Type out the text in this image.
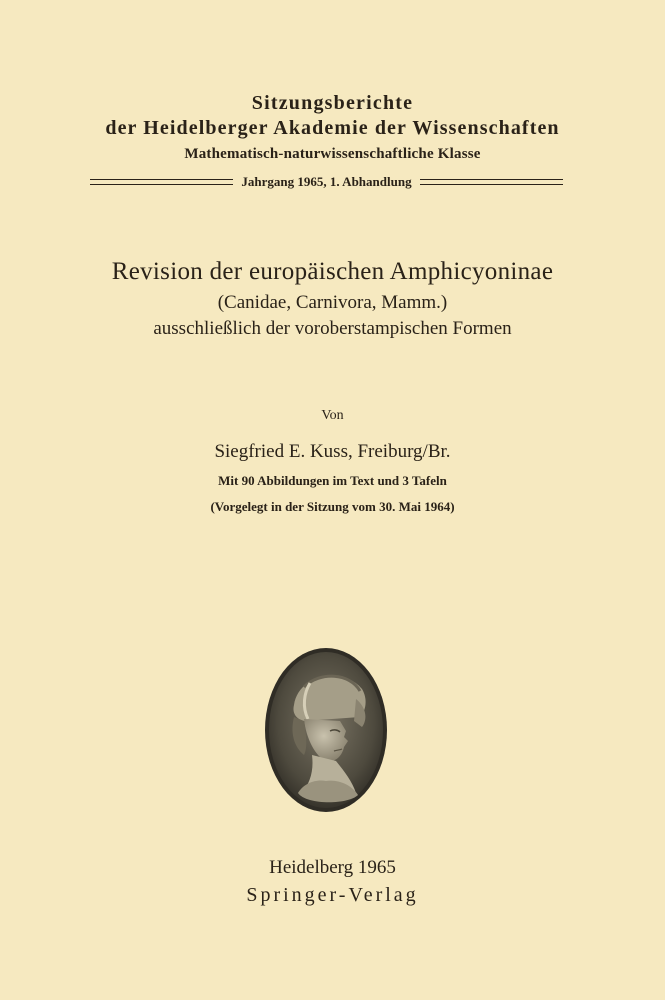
Sitzungsberichte
der Heidelberger Akademie der Wissenschaften
Mathematisch-naturwissenschaftliche Klasse
Jahrgang 1965, 1. Abhandlung
Revision der europäischen Amphicyoninae
(Canidae, Carnivora, Mamm.)
ausschließlich der voroberstampischen Formen
Von
Siegfried E. Kuss, Freiburg/Br.
Mit 90 Abbildungen im Text und 3 Tafeln
(Vorgelegt in der Sitzung vom 30. Mai 1964)
Heidelberg 1965
Springer-Verlag
